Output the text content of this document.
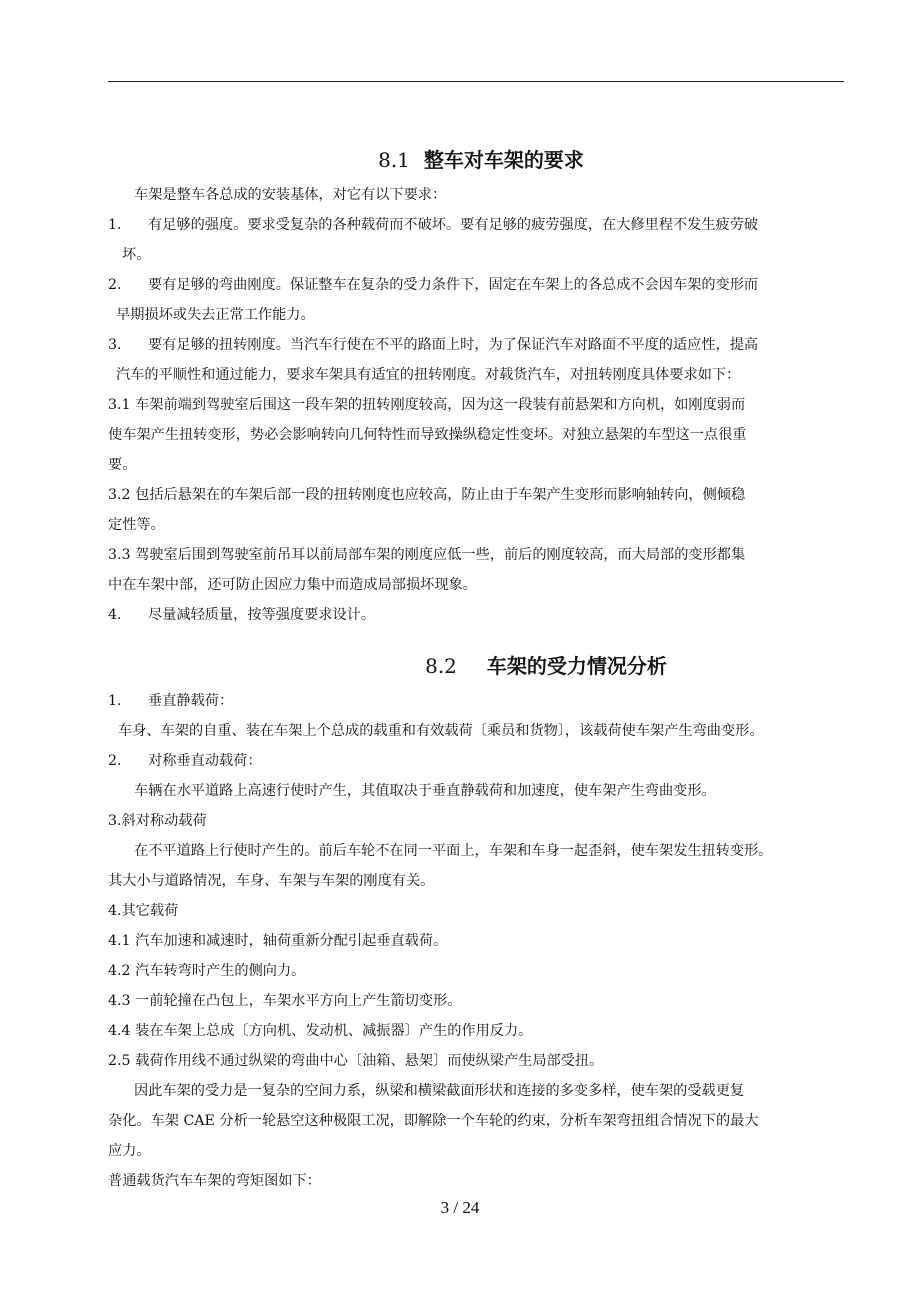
8.1 整车对车架的要求
车架是整车各总成的安装基体，对它有以下要求：
1. 有足够的强度。要求受复杂的各种载荷而不破坏。要有足够的疲劳强度，在大修里程不发生疲劳破
坏。
2. 要有足够的弯曲刚度。保证整车在复杂的受力条件下，固定在车架上的各总成不会因车架的变形而
早期损坏或失去正常工作能力。
3. 要有足够的扭转刚度。当汽车行使在不平的路面上时，为了保证汽车对路面不平度的适应性，提高
汽车的平顺性和通过能力，要求车架具有适宜的扭转刚度。对载货汽车，对扭转刚度具体要求如下：
3.1 车架前端到驾驶室后围这一段车架的扭转刚度较高，因为这一段装有前悬架和方向机，如刚度弱而
使车架产生扭转变形，势必会影响转向几何特性而导致操纵稳定性变坏。对独立悬架的车型这一点很重
要。
3.2 包括后悬架在的车架后部一段的扭转刚度也应较高，防止由于车架产生变形而影响轴转向，侧倾稳
定性等。
3.3 驾驶室后围到驾驶室前吊耳以前局部车架的刚度应低一些，前后的刚度较高，而大局部的变形都集
中在车架中部，还可防止因应力集中而造成局部损坏现象。
4. 尽量减轻质量，按等强度要求设计。
8.2 车架的受力情况分析
1. 垂直静载荷：
车身、车架的自重、装在车架上个总成的载重和有效载荷〔乘员和货物〕，该载荷使车架产生弯曲变形。
2. 对称垂直动载荷：
车辆在水平道路上高速行使时产生，其值取决于垂直静载荷和加速度，使车架产生弯曲变形。
3.斜对称动载荷
在不平道路上行使时产生的。前后车轮不在同一平面上，车架和车身一起歪斜，使车架发生扭转变形。
其大小与道路情况，车身、车架与车架的刚度有关。
4.其它载荷
4.1 汽车加速和减速时，轴荷重新分配引起垂直载荷。
4.2 汽车转弯时产生的侧向力。
4.3 一前轮撞在凸包上，车架水平方向上产生箭切变形。
4.4 装在车架上总成〔方向机、发动机、减振器〕产生的作用反力。
2.5 载荷作用线不通过纵梁的弯曲中心〔油箱、悬架〕而使纵梁产生局部受扭。
因此车架的受力是一复杂的空间力系，纵梁和横梁截面形状和连接的多变多样，使车架的受载更复
杂化。车架 CAE 分析一轮悬空这种极限工况，即解除一个车轮的约束，分析车架弯扭组合情况下的最大
应力。
普通载货汽车车架的弯矩图如下：
3 / 24
